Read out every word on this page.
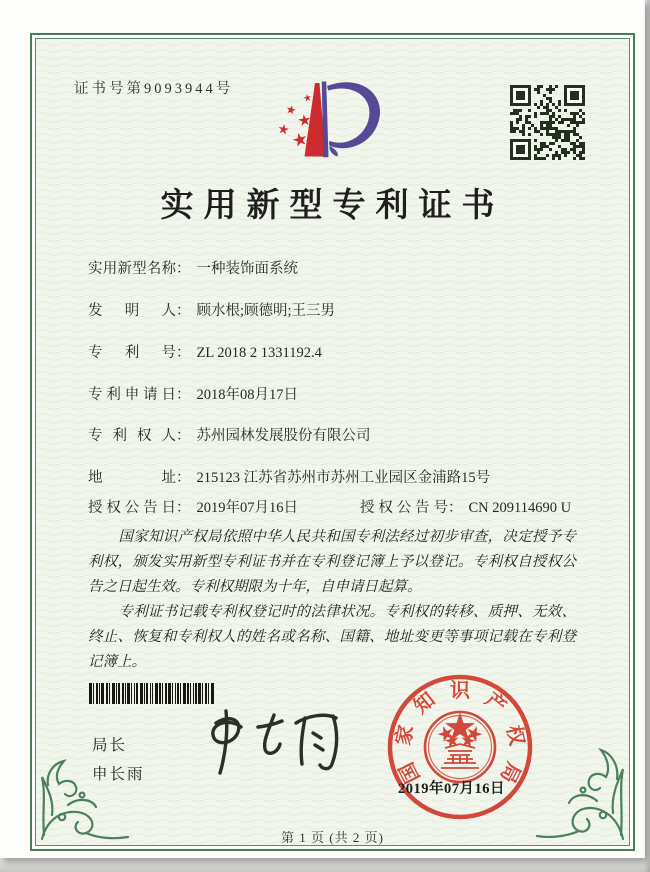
证书号第9093944号
实用新型专利证书
实用新型名称： 一种装饰面系统
发明人： 顾水根;顾德明;王三男
专利号： ZL 2018 2 1331192.4
专利申请日： 2018年08月17日
专利权人： 苏州园林发展股份有限公司
地址： 215123 江苏省苏州市苏州工业园区金浦路15号
授权公告日： 2019年07月16日	授权公告号： CN 209114690 U

国家知识产权局依照中华人民共和国专利法经过初步审查，决定授予专利权，颁发实用新型专利证书并在专利登记簿上予以登记。专利权自授权公告之日起生效。专利权期限为十年，自申请日起算。

专利证书记载专利权登记时的法律状况。专利权的转移、质押、无效、终止、恢复和专利权人的姓名或名称、国籍、地址变更等事项记载在专利登记簿上。

局长
申长雨	国
家
知 识 产
权
局
2019年07月16日
第 1 页 (共 2 页)
